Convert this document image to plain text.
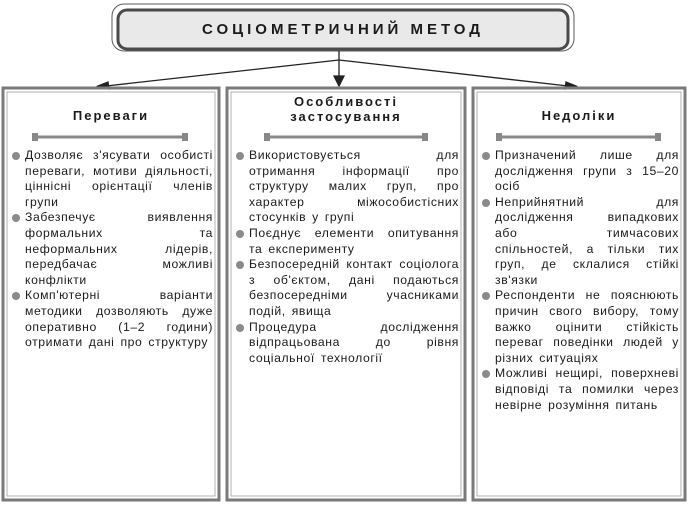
СОЦІОМЕТРИЧНИЙ МЕТОД
Переваги
Дозволяє з'ясувати особисті переваги, мотиви діяльності, ціннісні орієнтації членів групи
Забезпечує виявлення формальних та неформальних лідерів, передбачає можливі конфлікти
Комп'ютерні варіанти методики дозволяють дуже оперативно (1–2 години) отримати дані про структуру
Особливості застосування
Використовується для отримання інформації про структуру малих груп, про характер міжособистісних стосунків у групі
Поєднує елементи опитування та експерименту
Безпосередній контакт соціолога з об'єктом, дані подаються безпосередніми учасниками подій, явища
Процедура дослідження відпрацьована до рівня соціальної технології
Недоліки
Призначений лише для дослідження групи з 15–20 осіб
Неприйнятний для дослідження випадкових або тимчасових спільностей, а тільки тих груп, де склалися стійкі зв'язки
Респонденти не пояснюють причин свого вибору, тому важко оцінити стійкість переваг поведінки людей у різних ситуаціях
Можливі нещирі, поверхневі відповіді та помилки через невірне розуміння питань
